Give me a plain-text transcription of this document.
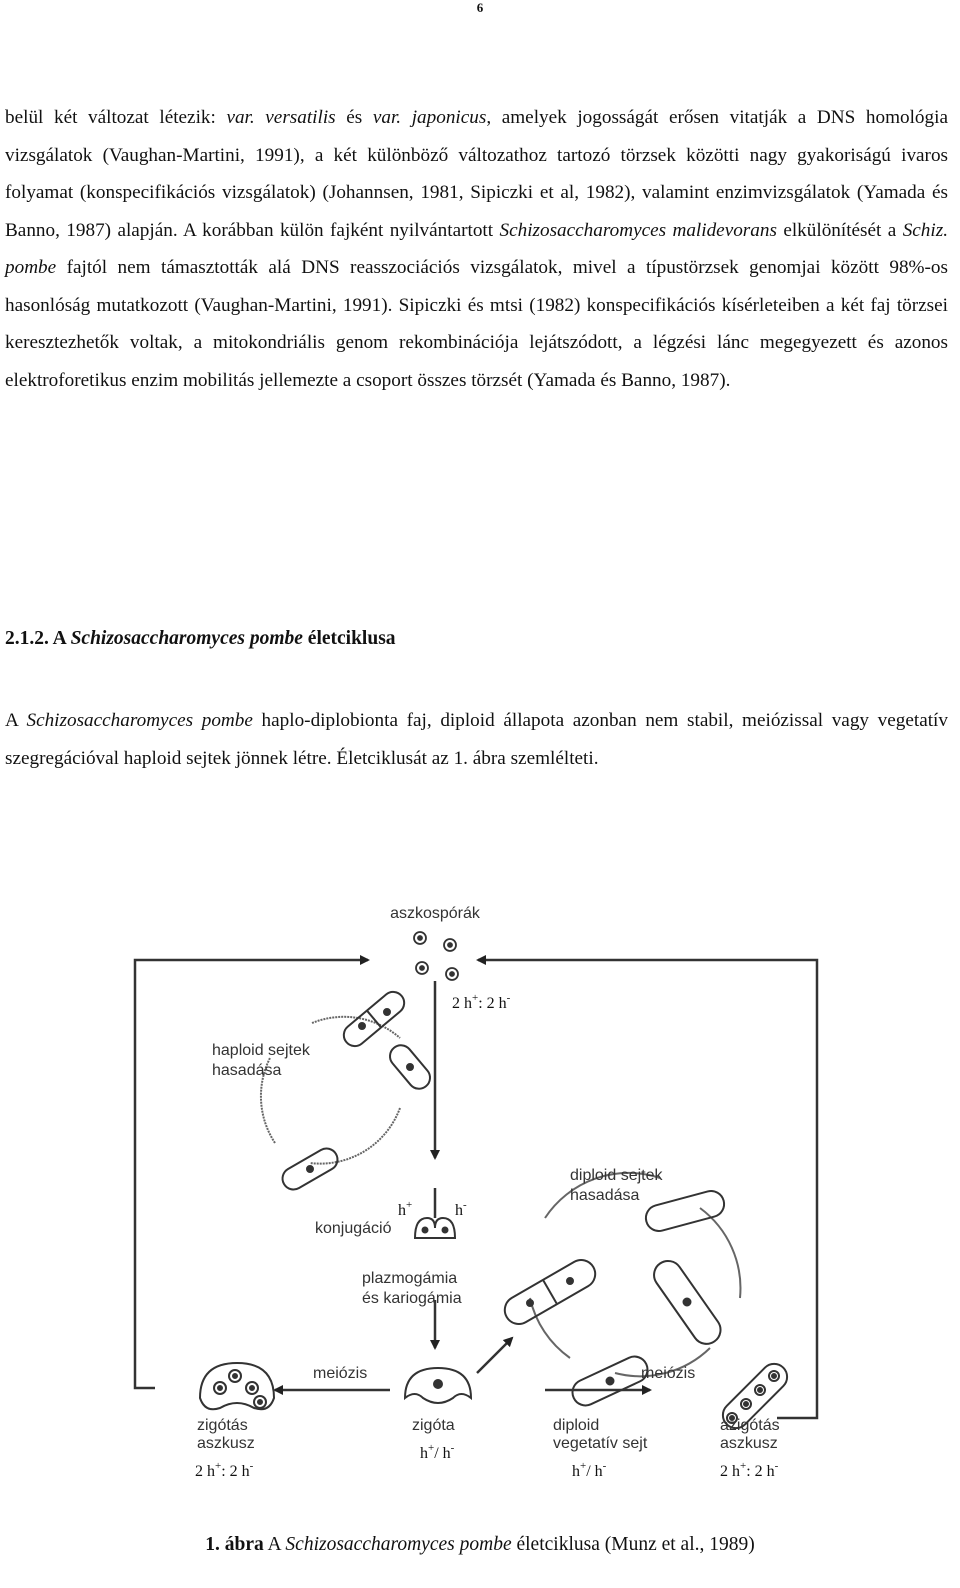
6
belül két változat létezik: var. versatilis és var. japonicus, amelyek jogosságát erősen vitatják a DNS homológia vizsgálatok (Vaughan-Martini, 1991), a két különböző változathoz tartozó törzsek közötti nagy gyakoriságú ivaros folyamat (konspecifikációs vizsgálatok) (Johannsen, 1981, Sipiczki et al, 1982), valamint enzimvizsgálatok (Yamada és Banno, 1987) alapján. A korábban külön fajként nyilvántartott Schizosaccharomyces malidevorans elkülönítését a Schiz. pombe fajtól nem támasztották alá DNS reasszociációs vizsgálatok, mivel a típustörzsek genomjai között 98%-os hasonlóság mutatkozott (Vaughan-Martini, 1991). Sipiczki és mtsi (1982) konspecifikációs kísérleteiben a két faj törzsei keresztezhetők voltak, a mitokondriális genom rekombinációja lejátszódott, a légzési lánc megegyezett és azonos elektroforetikus enzim mobilitás jellemezte a csoport összes törzsét (Yamada és Banno, 1987).
2.1.2. A Schizosaccharomyces pombe életciklusa
A Schizosaccharomyces pombe haplo-diplobionta faj, diploid állapota azonban nem stabil, meiózissal vagy vegetatív szegregációval haploid sejtek jönnek létre. Életciklusát az 1. ábra szemlélteti.
aszkospórák
haploid sejtek
hasadása
diploid sejtek
hasadása
konjugáció
plazmogámia
és kariogámia
meiózis	meiózis
zigótás
aszkusz
zigóta	diploid
vegetatív sejt
azigótás
aszkusz
2 h+: 2 h-
h+	h-
h+/ h-
2 h+: 2 h-	h+/ h-	2 h+: 2 h-
1. ábra A Schizosaccharomyces pombe életciklusa (Munz et al., 1989)
